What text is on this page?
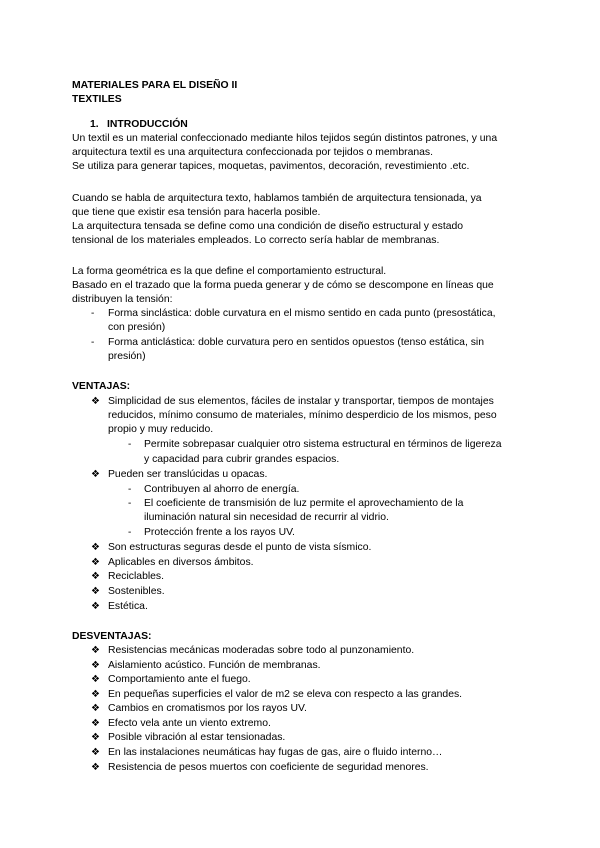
MATERIALES PARA EL DISEÑO II
TEXTILES
1. INTRODUCCIÓN
Un textil es un material confeccionado mediante hilos tejidos según distintos patrones, y una
arquitectura textil es una arquitectura confeccionada por tejidos o membranas.
Se utiliza para generar tapices, moquetas, pavimentos, decoración, revestimiento .etc.
Cuando se habla de arquitectura texto, hablamos también de arquitectura tensionada, ya
que tiene que existir esa tensión para hacerla posible.
La arquitectura tensada se define como una condición de diseño estructural y estado
tensional de los materiales empleados. Lo correcto sería hablar de membranas.
La forma geométrica es la que define el comportamiento estructural.
Basado en el trazado que la forma pueda generar y de cómo se descompone en líneas que
distribuyen la tensión:
- Forma sinclástica: doble curvatura en el mismo sentido en cada punto (presostática,
con presión)
- Forma anticlástica: doble curvatura pero en sentidos opuestos (tenso estática, sin
presión)
VENTAJAS:
❖ Simplicidad de sus elementos, fáciles de instalar y transportar, tiempos de montajes
reducidos, mínimo consumo de materiales, mínimo desperdicio de los mismos, peso
propio y muy reducido.
- Permite sobrepasar cualquier otro sistema estructural en términos de ligereza
y capacidad para cubrir grandes espacios.
❖ Pueden ser translúcidas u opacas.
- Contribuyen al ahorro de energía.
- El coeficiente de transmisión de luz permite el aprovechamiento de la
iluminación natural sin necesidad de recurrir al vidrio.
- Protección frente a los rayos UV.
❖ Son estructuras seguras desde el punto de vista sísmico.
❖ Aplicables en diversos ámbitos.
❖ Reciclables.
❖ Sostenibles.
❖ Estética.
DESVENTAJAS:
❖ Resistencias mecánicas moderadas sobre todo al punzonamiento.
❖ Aislamiento acústico. Función de membranas.
❖ Comportamiento ante el fuego.
❖ En pequeñas superficies el valor de m2 se eleva con respecto a las grandes.
❖ Cambios en cromatismos por los rayos UV.
❖ Efecto vela ante un viento extremo.
❖ Posible vibración al estar tensionadas.
❖ En las instalaciones neumáticas hay fugas de gas, aire o fluido interno…
❖ Resistencia de pesos muertos con coeficiente de seguridad menores.
